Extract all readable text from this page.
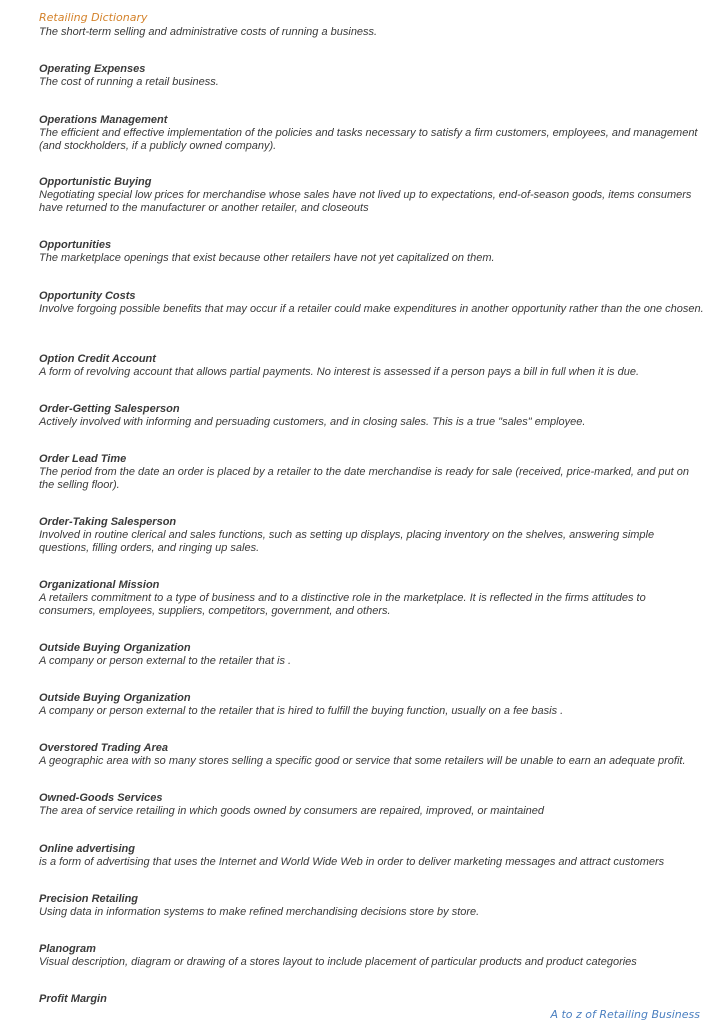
Retailing Dictionary

The short-term selling and administrative costs of running a business.
Operating Expenses
The cost of running a retail business.
Operations Management
The efficient and effective implementation of the policies and tasks necessary to satisfy a firm customers, employees, and management (and stockholders, if a publicly owned company).
Opportunistic Buying
Negotiating special low prices for merchandise whose sales have not lived up to expectations, end-of-season goods, items consumers have returned to the manufacturer or another retailer, and closeouts
Opportunities
The marketplace openings that exist because other retailers have not yet capitalized on them.
Opportunity Costs
Involve forgoing possible benefits that may occur if a retailer could make expenditures in another opportunity rather than the one chosen.
Option Credit Account
A form of revolving account that allows partial payments. No interest is assessed if a person pays a bill in full when it is due.
Order-Getting Salesperson
Actively involved with informing and persuading customers, and in closing sales. This is a true "sales" employee.
Order Lead Time
The period from the date an order is placed by a retailer to the date merchandise is ready for sale (received, price-marked, and put on the selling floor).
Order-Taking Salesperson
Involved in routine clerical and sales functions, such as setting up displays, placing inventory on the shelves, answering simple questions, filling orders, and ringing up sales.
Organizational Mission
A retailers commitment to a type of business and to a distinctive role in the marketplace. It is reflected in the firms attitudes to consumers, employees, suppliers, competitors, government, and others.
Outside Buying Organization
A company or person external to the retailer that is .
Outside Buying Organization
A company or person external to the retailer that is hired to fulfill the buying function, usually on a fee basis .
Overstored Trading Area
A geographic area with so many stores selling a specific good or service that some retailers will be unable to earn an adequate profit.
Owned-Goods Services
The area of service retailing in which goods owned by consumers are repaired, improved, or maintained
Online advertising
is a form of advertising that uses the Internet and World Wide Web in order to deliver marketing messages and attract customers
Precision Retailing
Using data in information systems to make refined merchandising decisions store by store.
Planogram
Visual description, diagram or drawing of a stores layout to include placement of particular products and product categories
Profit Margin

A to z of Retailing Business
